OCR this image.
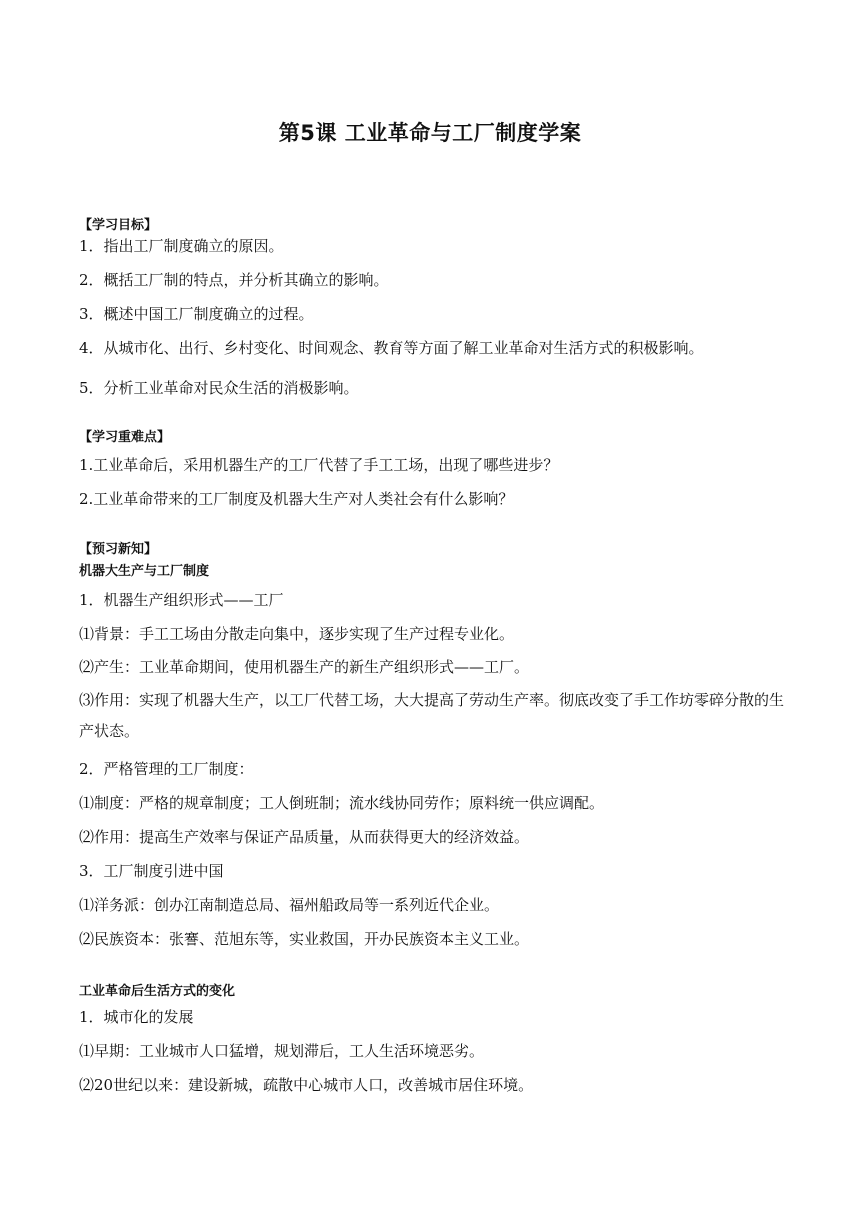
第5课 工业革命与工厂制度学案
【学习目标】
1．指出工厂制度确立的原因。
2．概括工厂制的特点，并分析其确立的影响。
3．概述中国工厂制度确立的过程。
4．从城市化、出行、乡村变化、时间观念、教育等方面了解工业革命对生活方式的积极影响。
5．分析工业革命对民众生活的消极影响。
【学习重难点】
1.工业革命后，采用机器生产的工厂代替了手工工场，出现了哪些进步？
2.工业革命带来的工厂制度及机器大生产对人类社会有什么影响？
【预习新知】
机器大生产与工厂制度
1．机器生产组织形式——工厂
⑴背景：手工工场由分散走向集中，逐步实现了生产过程专业化。
⑵产生：工业革命期间，使用机器生产的新生产组织形式——工厂。
⑶作用：实现了机器大生产，以工厂代替工场，大大提高了劳动生产率。彻底改变了手工作坊零碎分散的生产状态。
2．严格管理的工厂制度：
⑴制度：严格的规章制度；工人倒班制；流水线协同劳作；原料统一供应调配。
⑵作用：提高生产效率与保证产品质量，从而获得更大的经济效益。
3．工厂制度引进中国
⑴洋务派：创办江南制造总局、福州船政局等一系列近代企业。
⑵民族资本：张謇、范旭东等，实业救国，开办民族资本主义工业。
工业革命后生活方式的变化
1．城市化的发展
⑴早期：工业城市人口猛增，规划滞后，工人生活环境恶劣。
⑵20世纪以来：建设新城，疏散中心城市人口，改善城市居住环境。
